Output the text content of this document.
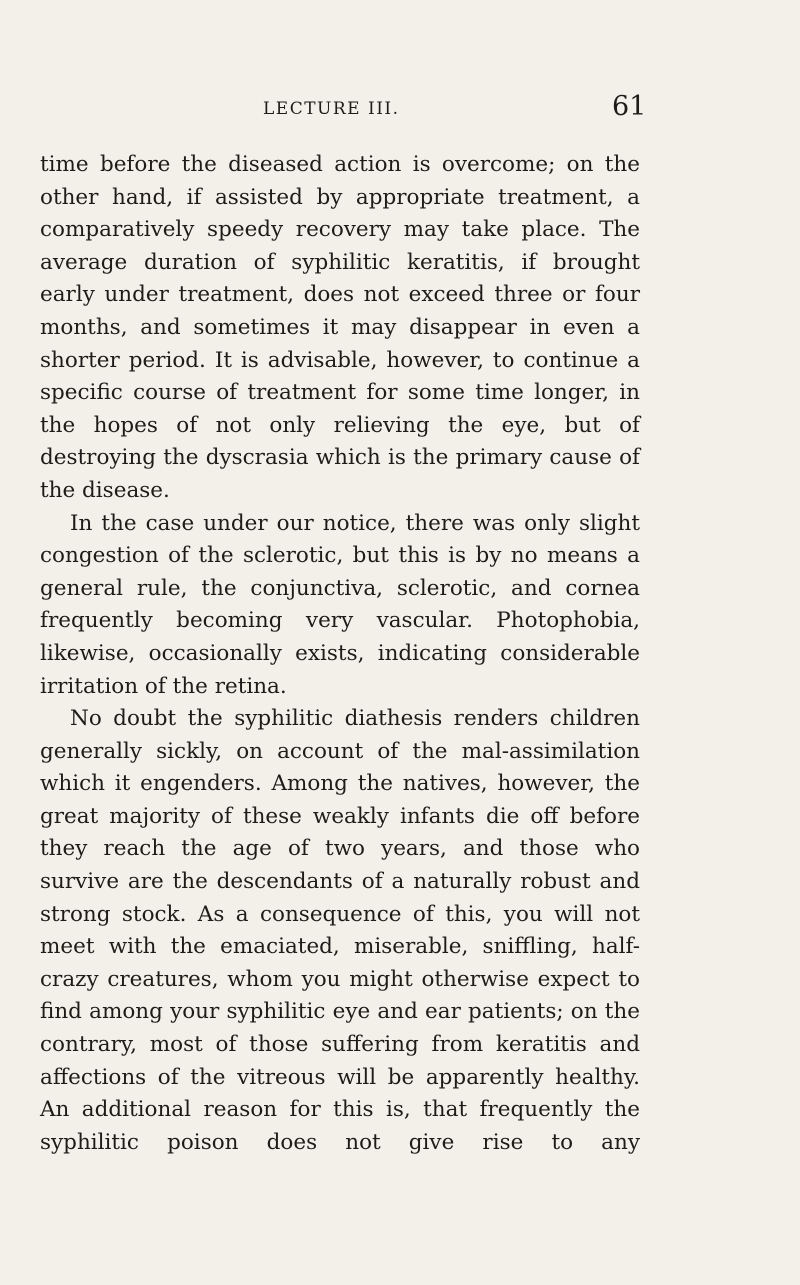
LECTURE III.	61

time before the diseased action is overcome; on the other hand, if assisted by appropriate treatment, a comparatively speedy recovery may take place. The average duration of syphilitic keratitis, if brought early under treatment, does not exceed three or four months, and sometimes it may disappear in even a shorter period. It is advisable, however, to continue a specific course of treatment for some time longer, in the hopes of not only relieving the eye, but of destroying the dyscrasia which is the primary cause of the disease.

In the case under our notice, there was only slight congestion of the sclerotic, but this is by no means a general rule, the conjunctiva, sclerotic, and cornea frequently becoming very vascular. Photophobia, likewise, occasionally exists, indicating considerable irritation of the retina.

No doubt the syphilitic diathesis renders children generally sickly, on account of the mal-assimilation which it engenders. Among the natives, however, the great majority of these weakly infants die off before they reach the age of two years, and those who survive are the descendants of a naturally robust and strong stock. As a consequence of this, you will not meet with the emaciated, miserable, sniffling, half-crazy creatures, whom you might otherwise expect to find among your syphilitic eye and ear patients; on the contrary, most of those suffering from keratitis and affections of the vitreous will be apparently healthy. An additional reason for this is, that frequently the syphilitic poison does not give rise to any
